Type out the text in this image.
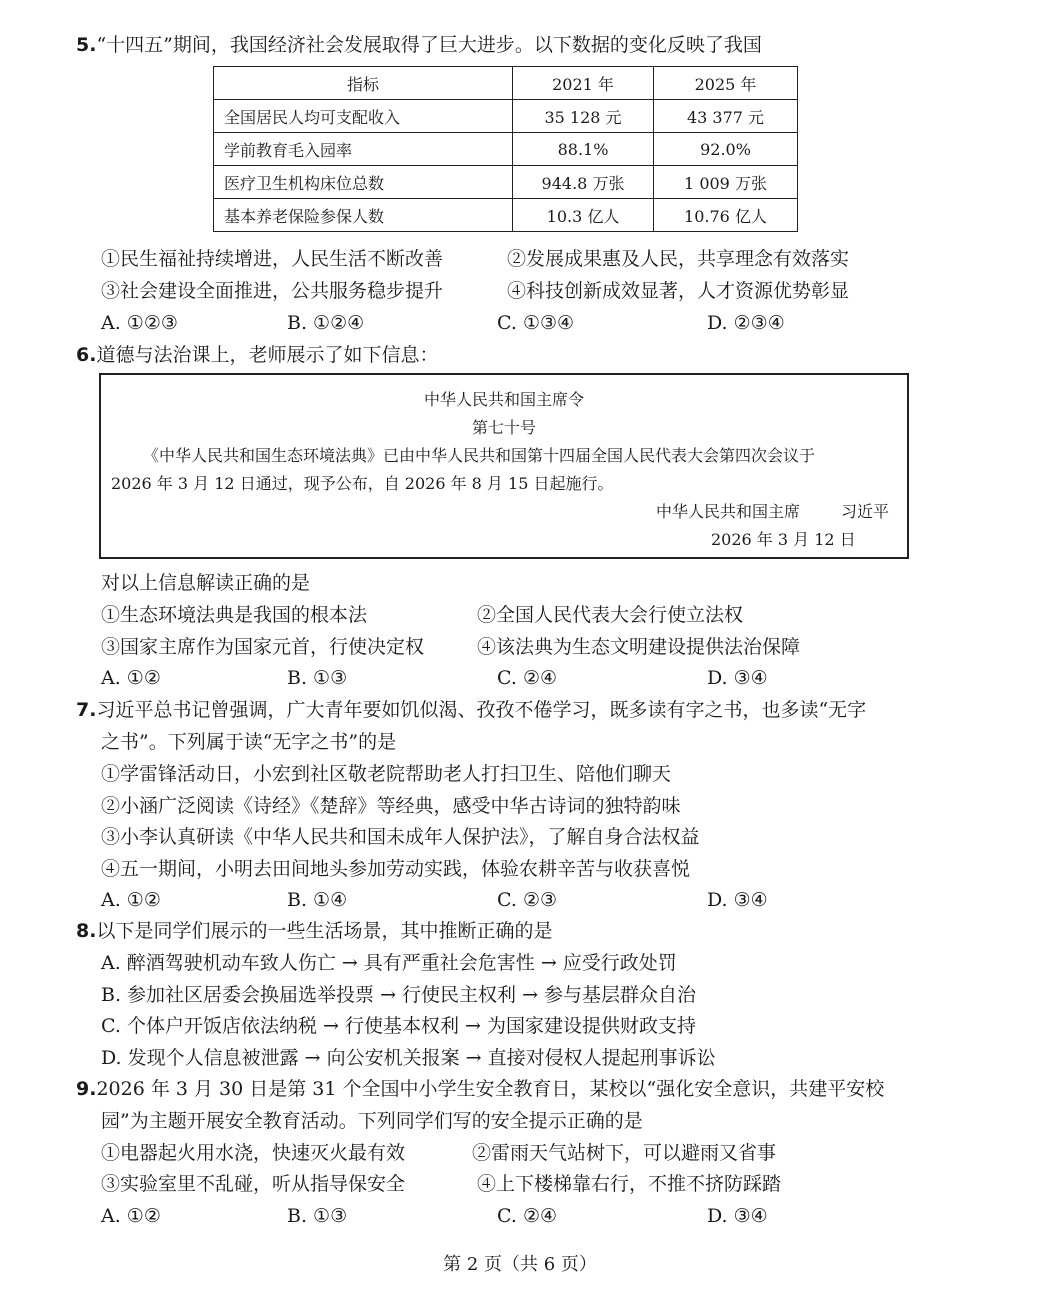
5.“十四五”期间，我国经济社会发展取得了巨大进步。以下数据的变化反映了我国
指标	2021 年	2025 年
全国居民人均可支配收入	35 128 元	43 377 元
学前教育毛入园率	88.1%	92.0%
医疗卫生机构床位总数	944.8 万张	1 009 万张
基本养老保险参保人数	10.3 亿人	10.76 亿人
①民生福祉持续增进，人民生活不断改善	②发展成果惠及人民，共享理念有效落实
③社会建设全面推进，公共服务稳步提升	④科技创新成效显著，人才资源优势彰显
A. ①②③	B. ①②④	C. ①③④	D. ②③④
6.道德与法治课上，老师展示了如下信息：
中华人民共和国主席令
第七十号
《中华人民共和国生态环境法典》已由中华人民共和国第十四届全国人民代表大会第四次会议于
2026 年 3 月 12 日通过，现予公布，自 2026 年 8 月 15 日起施行。
中华人民共和国主席	习近平
2026 年 3 月 12 日
对以上信息解读正确的是
①生态环境法典是我国的根本法	②全国人民代表大会行使立法权
③国家主席作为国家元首，行使决定权	④该法典为生态文明建设提供法治保障
A. ①②	B. ①③	C. ②④	D. ③④
7.习近平总书记曾强调，广大青年要如饥似渴、孜孜不倦学习，既多读有字之书，也多读“无字
之书”。下列属于读“无字之书”的是
①学雷锋活动日，小宏到社区敬老院帮助老人打扫卫生、陪他们聊天
②小涵广泛阅读《诗经》《楚辞》等经典，感受中华古诗词的独特韵味
③小李认真研读《中华人民共和国未成年人保护法》，了解自身合法权益
④五一期间，小明去田间地头参加劳动实践，体验农耕辛苦与收获喜悦
A. ①②	B. ①④	C. ②③	D. ③④
8.以下是同学们展示的一些生活场景，其中推断正确的是
A. 醉酒驾驶机动车致人伤亡 → 具有严重社会危害性 → 应受行政处罚
B. 参加社区居委会换届选举投票 → 行使民主权利 → 参与基层群众自治
C. 个体户开饭店依法纳税 → 行使基本权利 → 为国家建设提供财政支持
D. 发现个人信息被泄露 → 向公安机关报案 → 直接对侵权人提起刑事诉讼
9.2026 年 3 月 30 日是第 31 个全国中小学生安全教育日，某校以“强化安全意识，共建平安校
园”为主题开展安全教育活动。下列同学们写的安全提示正确的是
①电器起火用水浇，快速灭火最有效	②雷雨天气站树下，可以避雨又省事
③实验室里不乱碰，听从指导保安全	④上下楼梯靠右行，不推不挤防踩踏
A. ①②	B. ①③	C. ②④	D. ③④
第 2 页（共 6 页）
